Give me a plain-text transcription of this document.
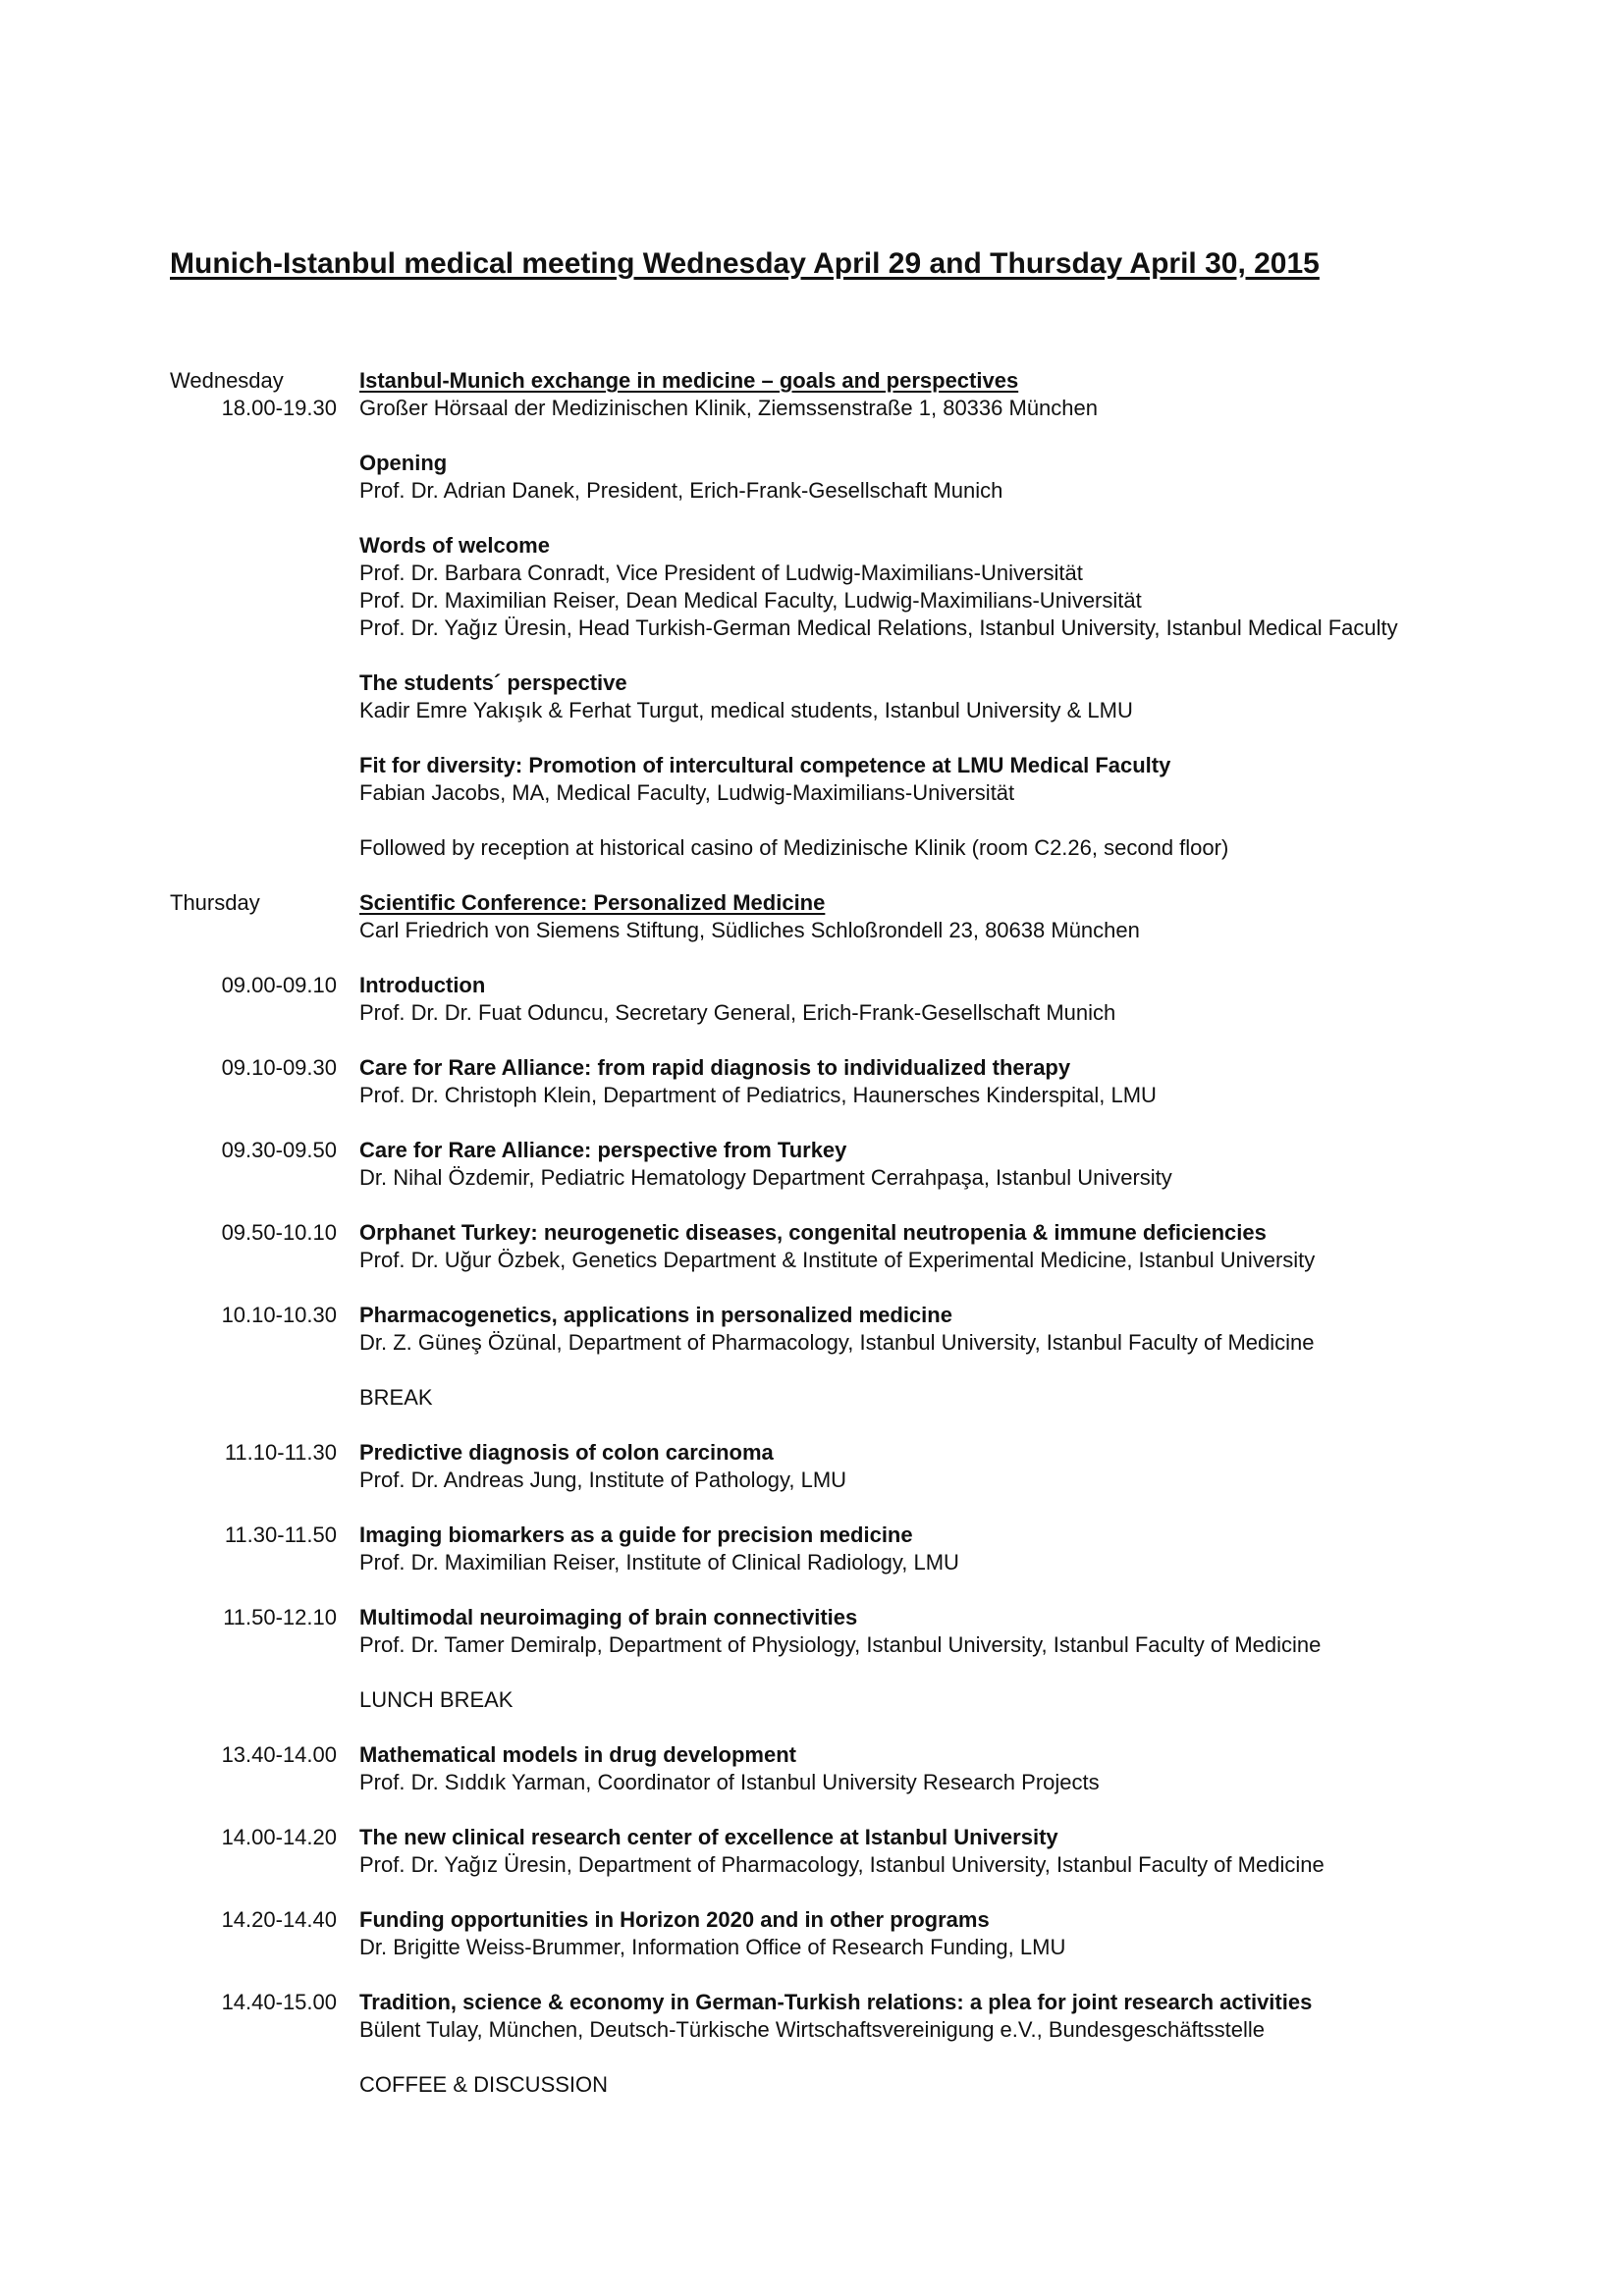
Munich-Istanbul medical meeting Wednesday April 29 and Thursday April 30, 2015
Wednesday	Istanbul-Munich exchange in medicine – goals and perspectives
18.00-19.30 Großer Hörsaal der Medizinischen Klinik, Ziemssenstraße 1, 80336 München
Opening
Prof. Dr. Adrian Danek, President, Erich-Frank-Gesellschaft Munich
Words of welcome
Prof. Dr. Barbara Conradt, Vice President of Ludwig-Maximilians-Universität
Prof. Dr. Maximilian Reiser, Dean Medical Faculty, Ludwig-Maximilians-Universität
Prof. Dr. Yağız Üresin, Head Turkish-German Medical Relations, Istanbul University, Istanbul Medical Faculty
The students´ perspective
Kadir Emre Yakışık & Ferhat Turgut, medical students, Istanbul University & LMU
Fit for diversity: Promotion of intercultural competence at LMU Medical Faculty
Fabian Jacobs, MA, Medical Faculty, Ludwig-Maximilians-Universität
Followed by reception at historical casino of Medizinische Klinik (room C2.26, second floor)
Thursday	Scientific Conference: Personalized Medicine
Carl Friedrich von Siemens Stiftung, Südliches Schloßrondell 23, 80638 München
09.00-09.10 Introduction
Prof. Dr. Dr. Fuat Oduncu, Secretary General, Erich-Frank-Gesellschaft Munich
09.10-09.30 Care for Rare Alliance: from rapid diagnosis to individualized therapy
Prof. Dr. Christoph Klein, Department of Pediatrics, Haunersches Kinderspital, LMU
09.30-09.50 Care for Rare Alliance: perspective from Turkey
Dr. Nihal Özdemir, Pediatric Hematology Department Cerrahpaşa, Istanbul University
09.50-10.10 Orphanet Turkey: neurogenetic diseases, congenital neutropenia & immune deficiencies
Prof. Dr. Uğur Özbek, Genetics Department & Institute of Experimental Medicine, Istanbul University
10.10-10.30 Pharmacogenetics, applications in personalized medicine
Dr. Z. Güneş Özünal, Department of Pharmacology, Istanbul University, Istanbul Faculty of Medicine
BREAK
11.10-11.30 Predictive diagnosis of colon carcinoma
Prof. Dr. Andreas Jung, Institute of Pathology, LMU
11.30-11.50 Imaging biomarkers as a guide for precision medicine
Prof. Dr. Maximilian Reiser, Institute of Clinical Radiology, LMU
11.50-12.10 Multimodal neuroimaging of brain connectivities
Prof. Dr. Tamer Demiralp, Department of Physiology, Istanbul University, Istanbul Faculty of Medicine
LUNCH BREAK
13.40-14.00 Mathematical models in drug development
Prof. Dr. Sıddık Yarman, Coordinator of Istanbul University Research Projects
14.00-14.20 The new clinical research center of excellence at Istanbul University
Prof. Dr. Yağız Üresin, Department of Pharmacology, Istanbul University, Istanbul Faculty of Medicine
14.20-14.40 Funding opportunities in Horizon 2020 and in other programs
Dr. Brigitte Weiss-Brummer, Information Office of Research Funding, LMU
14.40-15.00 Tradition, science & economy in German-Turkish relations: a plea for joint research activities
Bülent Tulay, München, Deutsch-Türkische Wirtschaftsvereinigung e.V., Bundesgeschäftsstelle
COFFEE & DISCUSSION
